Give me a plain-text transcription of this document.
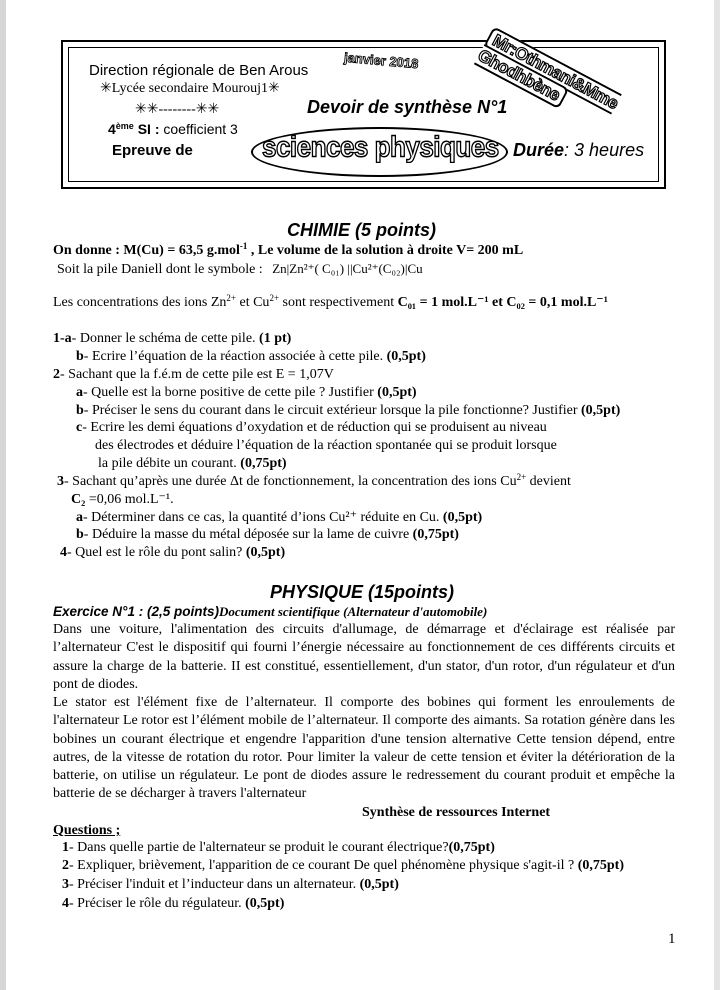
Direction régionale de Ben Arous	janvier 2018
✳Lycée secondaire Mourouj1✳
✳✳--------✳✳	Devoir de synthèse N°1
4ème SI : coefficient 3
Epreuve de	sciences physiques Durée: 3 heures
Mr:Othmani&Mme Ghodhbène
CHIMIE (5 points)
On donne : M(Cu) = 63,5 g.mol$^{-1}$ , Le volume de la solution à droite V= 200 mL
Soit la pile Daniell dont le symbole : Zn|Zn²⁺( C₀₁) ||Cu²⁺(C₀₂)|Cu
Les concentrations des ions $Zn^{2+}$ et $Cu^{2+}$ sont respectivement C₀₁ = 1 mol.L⁻¹ et C₀₂ = 0,1 mol.L⁻¹
1-a- Donner le schéma de cette pile. (1 pt)
b- Ecrire l’équation de la réaction associée à cette pile. (0,5pt)
2- Sachant que la f.é.m de cette pile est E = 1,07V
a- Quelle est la borne positive de cette pile ? Justifier (0,5pt)
b- Préciser le sens du courant dans le circuit extérieur lorsque la pile fonctionne? Justifier (0,5pt)
c- Ecrire les demi équations d’oxydation et de réduction qui se produisent au niveau
des électrodes et déduire l’équation de la réaction spontanée qui se produit lorsque
la pile débite un courant. (0,75pt)
3- Sachant qu’après une durée Δt de fonctionnement, la concentration des ions $Cu^{2+}$ devient
C₂ =0,06 mol.L⁻¹.
a- Déterminer dans ce cas, la quantité d’ions Cu²⁺ réduite en Cu. (0,5pt)
b- Déduire la masse du métal déposée sur la lame de cuivre (0,75pt)
4- Quel est le rôle du pont salin? (0,5pt)
PHYSIQUE (15points)
Exercice N°1 : (2,5 points)Document scientifique (Alternateur d'automobile)
Dans une voiture, l'alimentation des circuits d'allumage, de démarrage et d'éclairage est réalisée par l’alternateur C'est le dispositif qui fourni l’énergie nécessaire au fonctionnement de ces différents circuits et assure la charge de la batterie. II est constitué, essentiellement, d'un stator, d'un rotor, d'un régulateur et d'un pont de diodes.
Le stator est l'élément fixe de l’alternateur. Il comporte des bobines qui forment les enroulements de l'alternateur Le rotor est l’élément mobile de l’alternateur. Il comporte des aimants. Sa rotation génère dans les bobines un courant électrique et engendre l'apparition d'une tension alternative Cette tension dépend, entre autres, de la vitesse de rotation du rotor. Pour limiter la valeur de cette tension et éviter la détérioration de la batterie, on utilise un régulateur. Le pont de diodes assure le redressement du courant produit et empêche la batterie de se décharger à travers l'alternateur
Synthèse de ressources Internet
Questions ;
1- Dans quelle partie de l'alternateur se produit le courant électrique?(0,75pt)
2- Expliquer, brièvement, l'apparition de ce courant De quel phénomène physique s'agit-il ? (0,75pt)
3- Préciser l'induit et l’inducteur dans un alternateur. (0,5pt)
4- Préciser le rôle du régulateur. (0,5pt)
1
